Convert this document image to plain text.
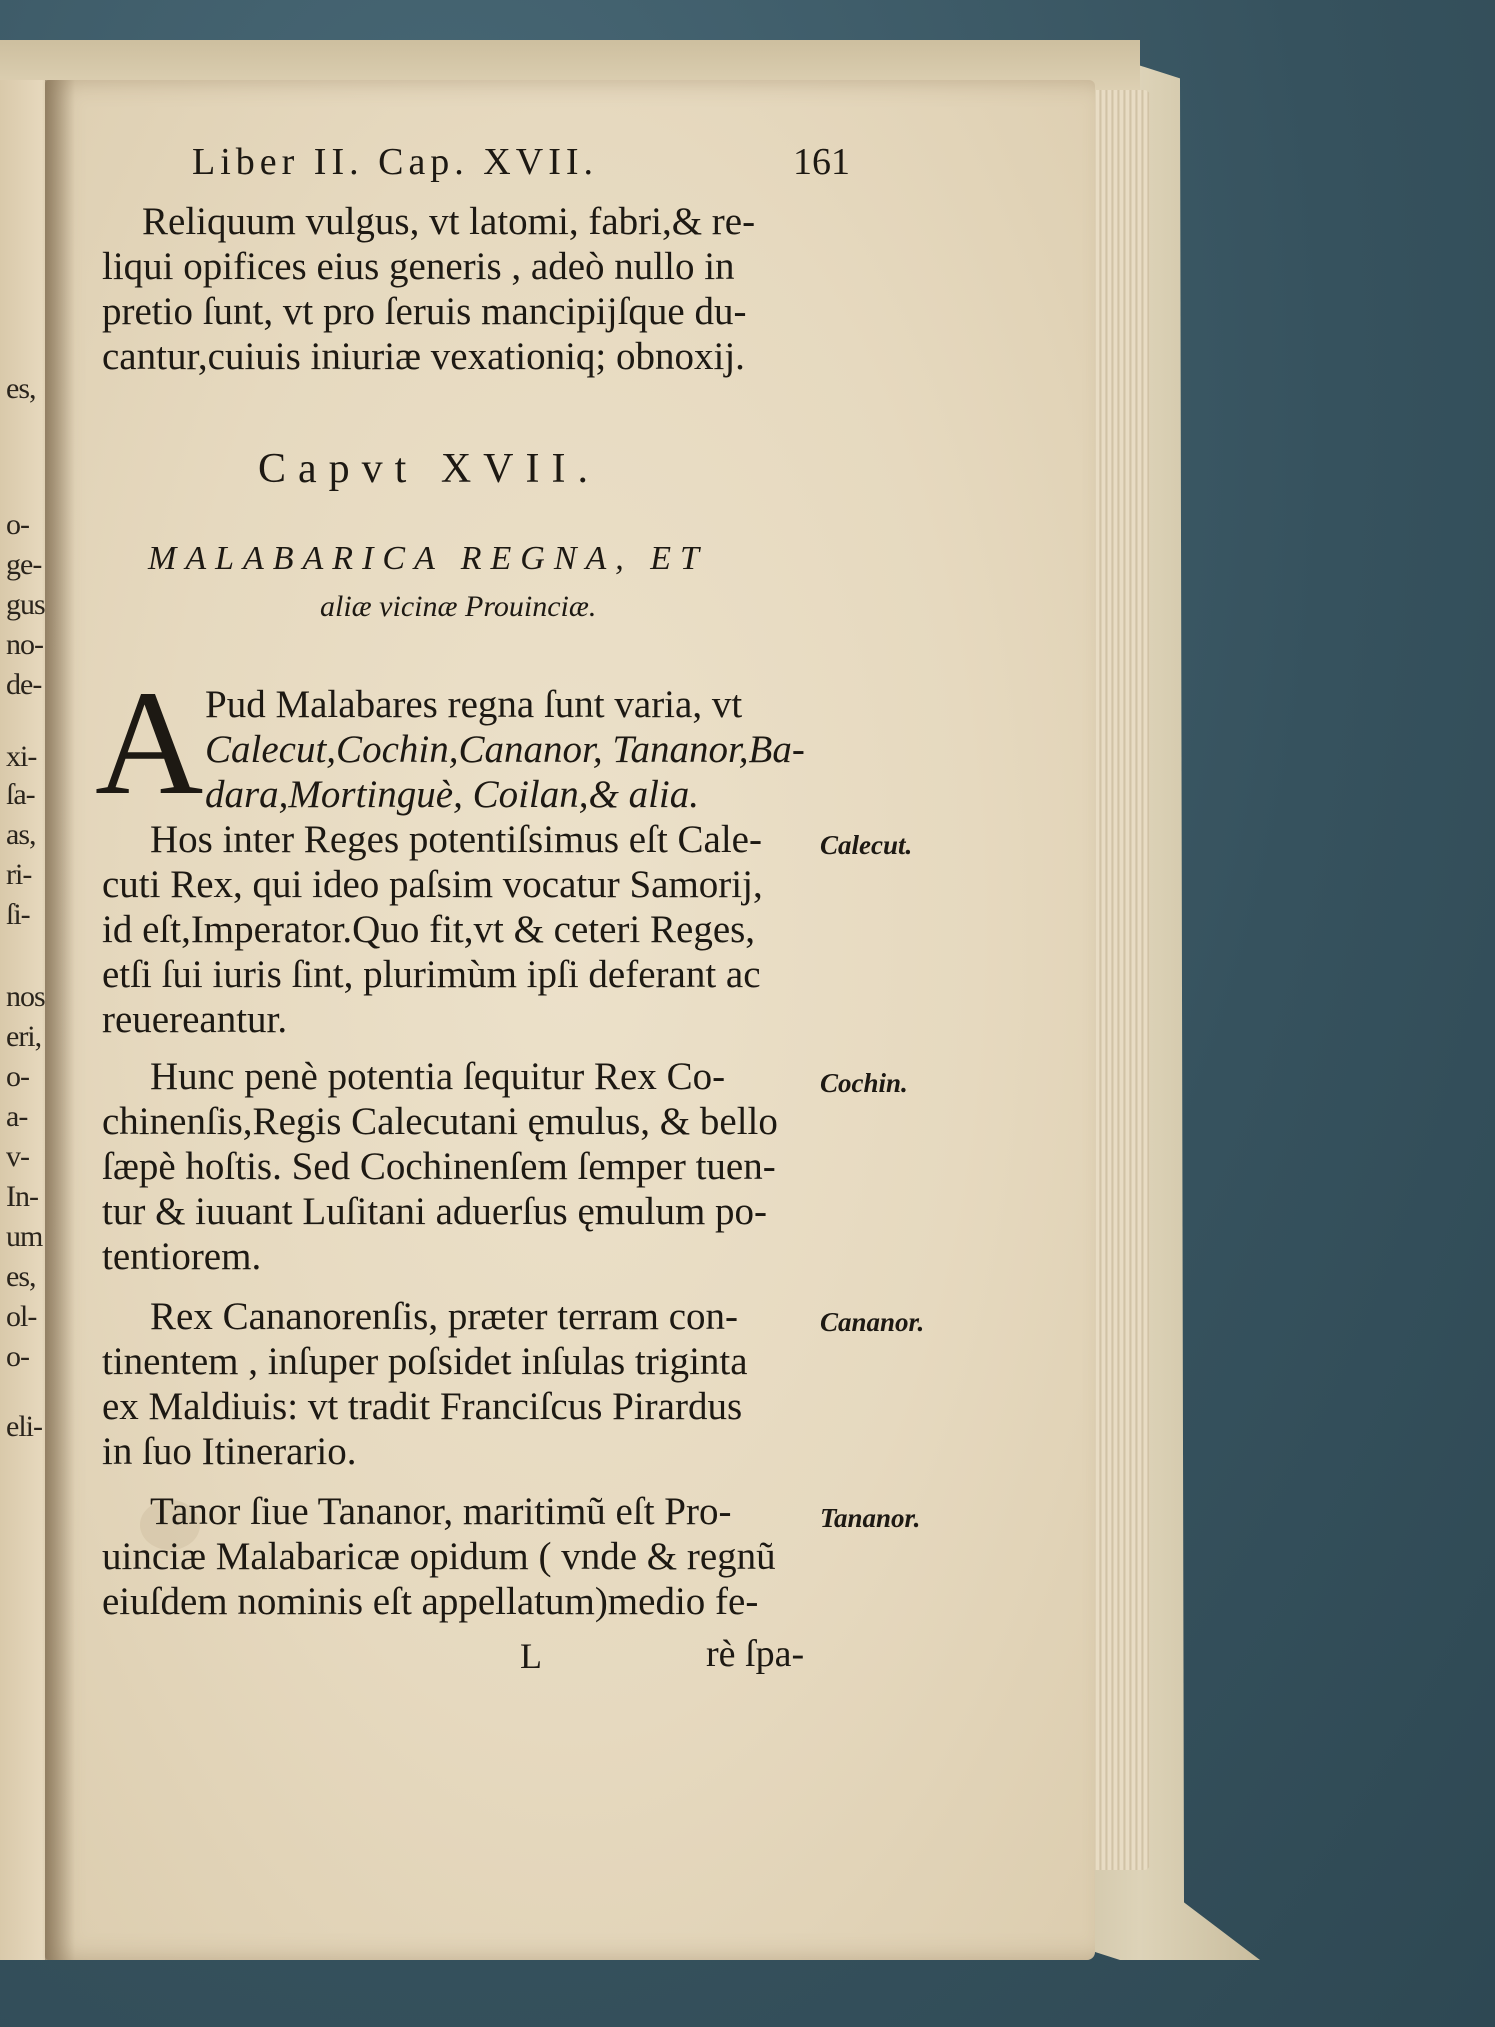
es,
o-
ge-
gus
no-
de-
xi-
ſa-
as,
ri-
ſi-
nos
eri,
o-
a-
v-
In-
um
es,
ol-
o-
eli-
Liber II. Cap. XVII.	161
Reliquum vulgus, vt latomi, fabri,& re-
liqui opifices eius generis , adeò nullo in
pretio ſunt, vt pro ſeruis mancipijſque du-
cantur,cuiuis iniuriæ vexationiq; obnoxij.
Capvt XVII.
MALABARICA REGNA, ET
aliæ vicinæ Prouinciæ.
A Pud Malabares regna ſunt varia, vt
Calecut,Cochin,Cananor, Tananor,Ba-
dara,Mortinguè, Coilan,& alia.
Hos inter Reges potentiſsimus eſt Cale-
cuti Rex, qui ideo paſsim vocatur Samorij,
id eſt,Imperator.Quo fit,vt & ceteri Reges,
etſi ſui iuris ſint, plurimùm ipſi deferant ac
reuereantur.
Hunc penè potentia ſequitur Rex Co-
chinenſis,Regis Calecutani ęmulus, & bello
ſæpè hoſtis. Sed Cochinenſem ſemper tuen-
tur & iuuant Luſitani aduerſus ęmulum po-
tentiorem.
Rex Cananorenſis, præter terram con-
tinentem , inſuper poſsidet inſulas triginta
ex Maldiuis: vt tradit Franciſcus Pirardus
in ſuo Itinerario.
Tanor ſiue Tananor, maritimũ eſt Pro-
uinciæ Malabaricæ opidum ( vnde & regnũ
eiuſdem nominis eſt appellatum)medio fe-
Calecut.
Cochin.
Cananor.
Tananor.
L	rè ſpa-
